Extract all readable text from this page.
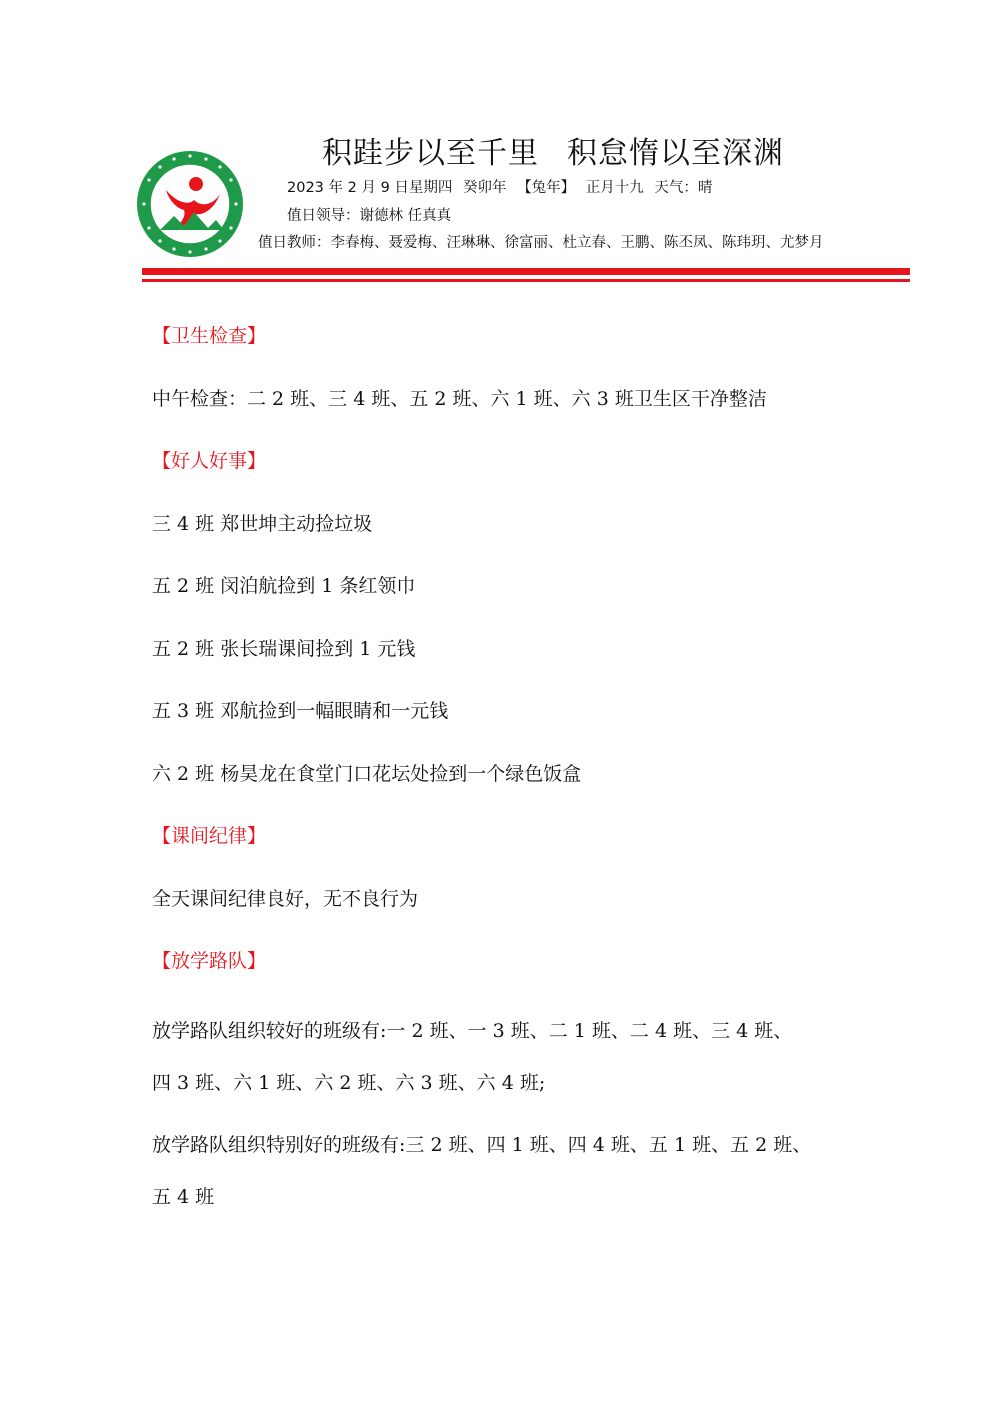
积跬步以至千里 积怠惰以至深渊
2023 年 2 月 9 日星期四 癸卯年 【兔年】 正月十九 天气：晴
值日领导：谢德林 任真真
值日教师：李春梅、聂爱梅、汪琳琳、徐富丽、杜立春、王鹏、陈丕凤、陈玮玥、尤梦月
【卫生检查】
中午检查：二 2 班、三 4 班、五 2 班、六 1 班、六 3 班卫生区干净整洁
【好人好事】
三 4 班 郑世坤主动捡垃圾
五 2 班 闵泊航捡到 1 条红领巾
五 2 班 张长瑞课间捡到 1 元钱
五 3 班 邓航捡到一幅眼睛和一元钱
六 2 班 杨昊龙在食堂门口花坛处捡到一个绿色饭盒
【课间纪律】
全天课间纪律良好，无不良行为
【放学路队】
放学路队组织较好的班级有:一 2 班、一 3 班、二 1 班、二 4 班、三 4 班、
四 3 班、六 1 班、六 2 班、六 3 班、六 4 班;
放学路队组织特别好的班级有:三 2 班、四 1 班、四 4 班、五 1 班、五 2 班、
五 4 班
